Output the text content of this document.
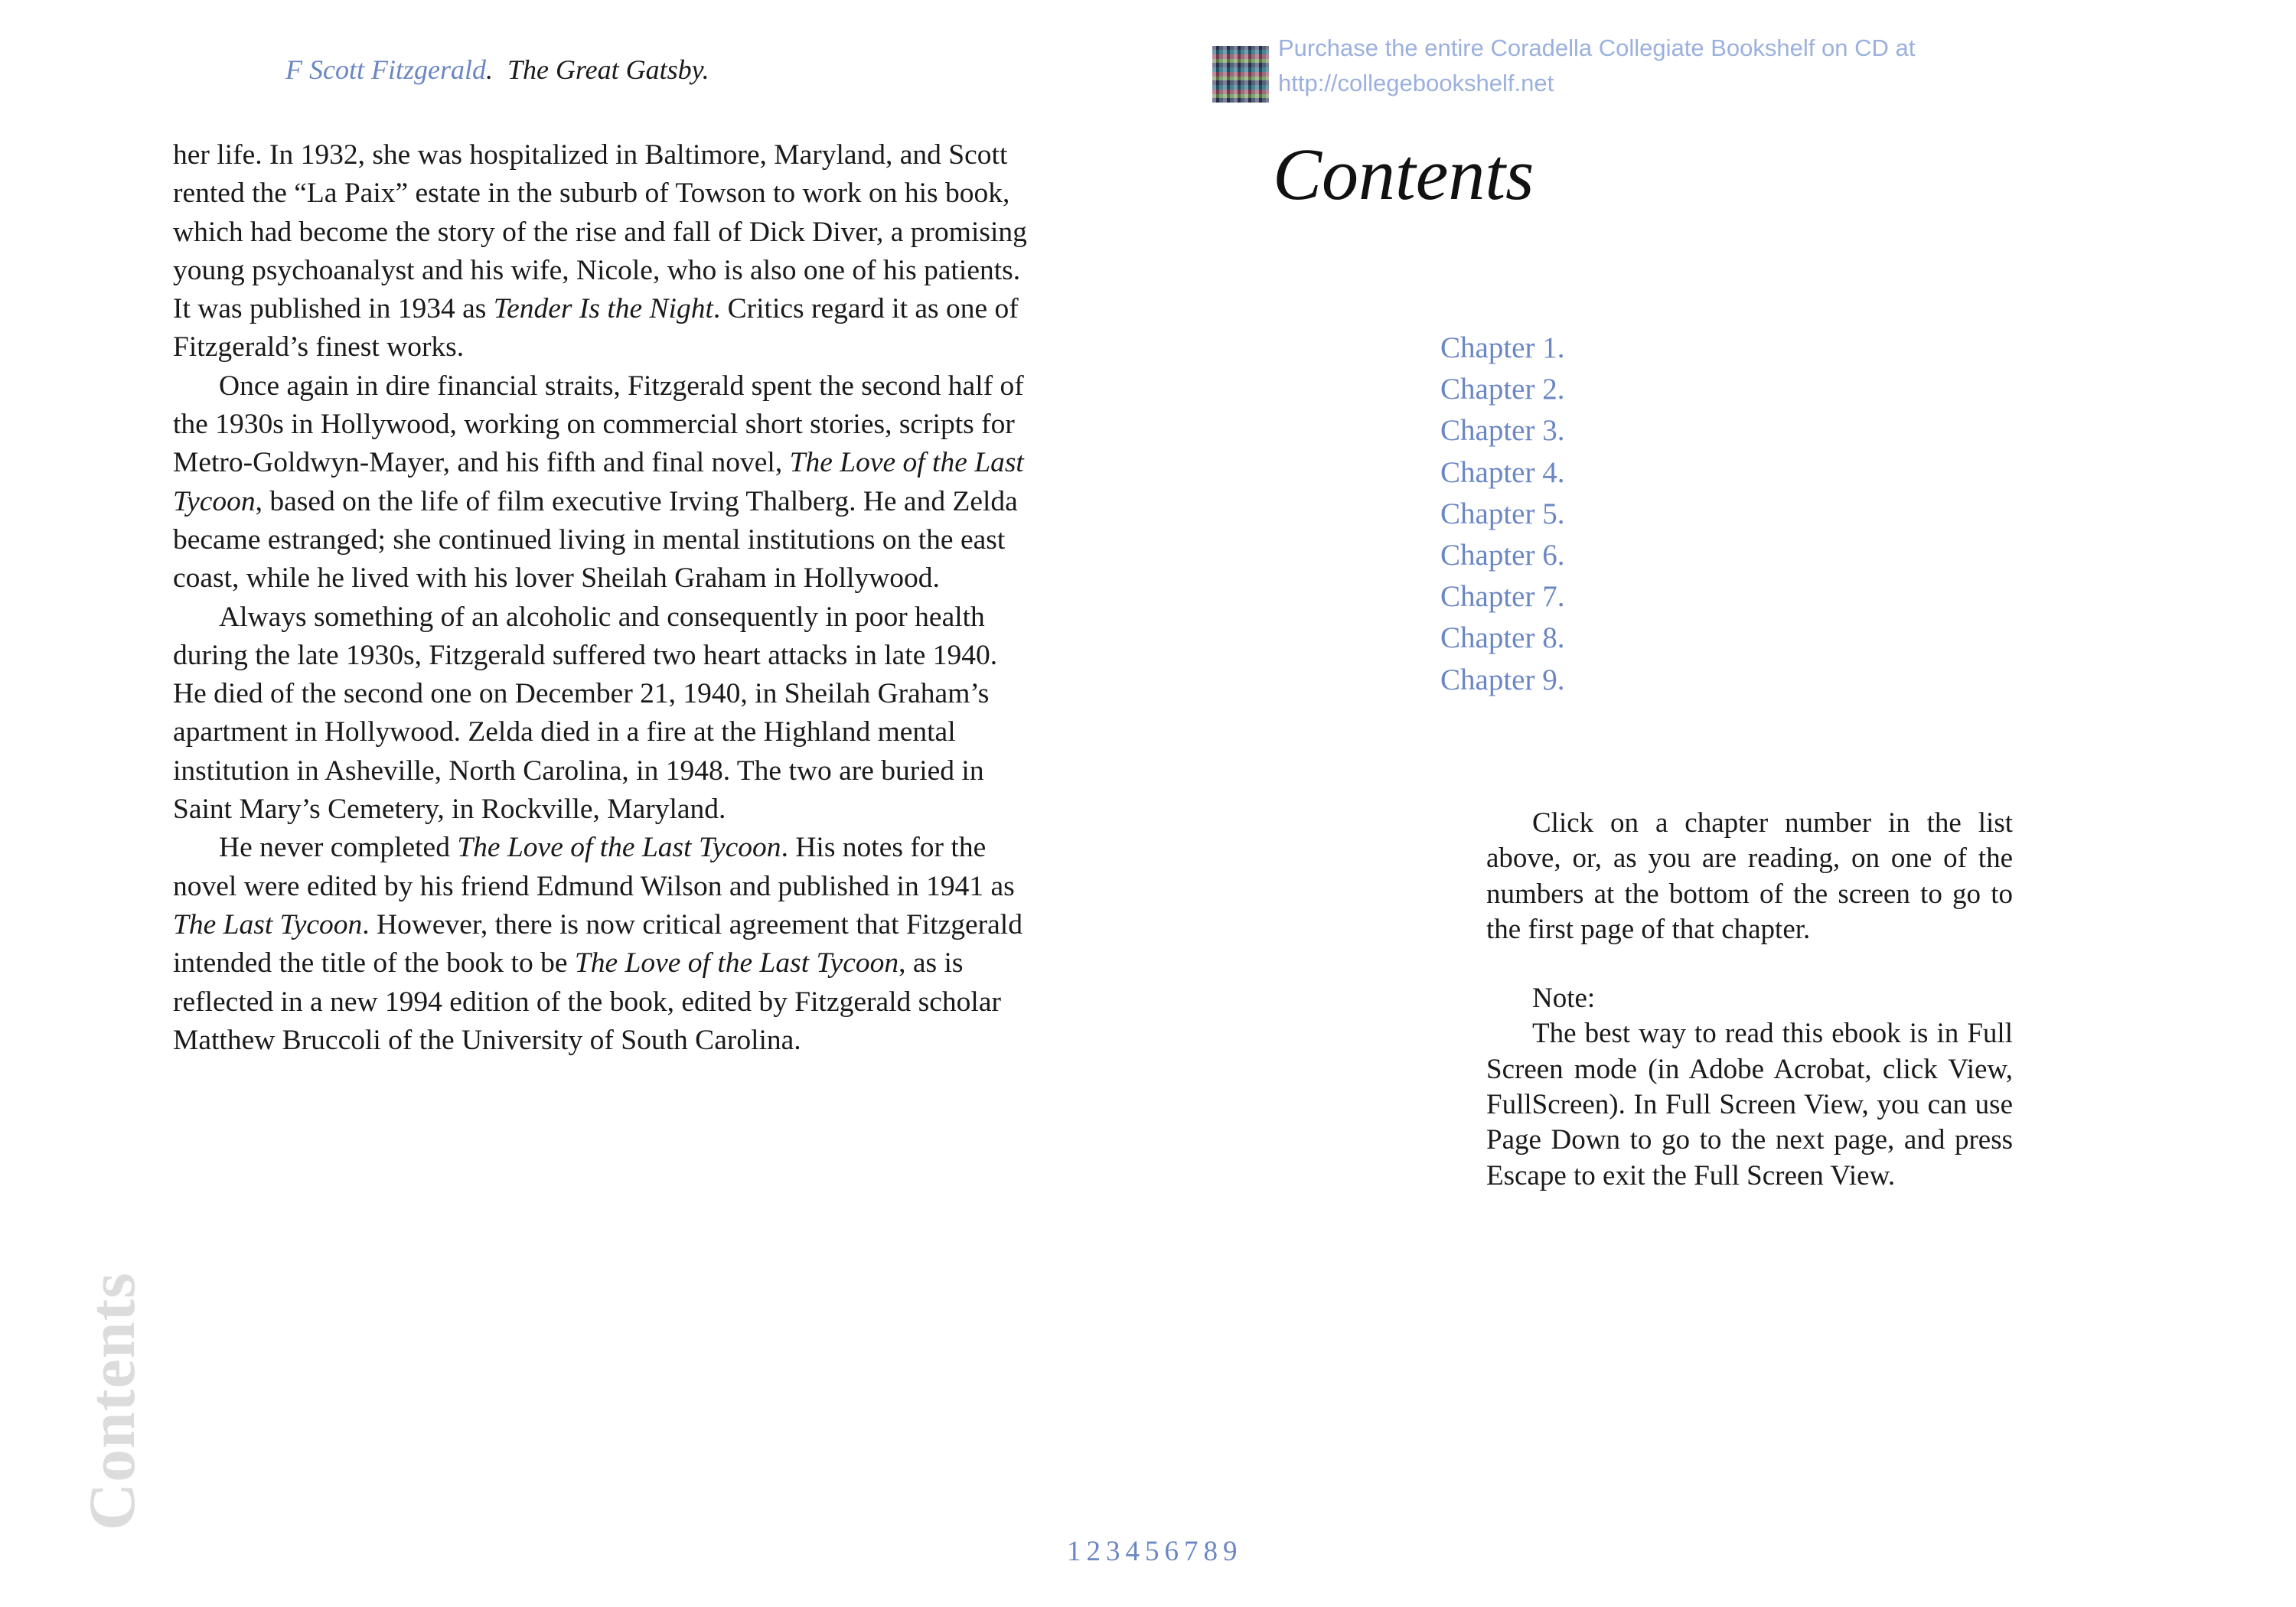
F Scott Fitzgerald. The Great Gatsby.

her life. In 1932, she was hospitalized in Baltimore, Maryland, and Scott rented the “La Paix” estate in the suburb of Towson to work on his book, which had become the story of the rise and fall of Dick Diver, a promising young psychoanalyst and his wife, Nicole, who is also one of his patients. It was published in 1934 as Tender Is the Night. Critics regard it as one of Fitzgerald’s finest works.

Once again in dire financial straits, Fitzgerald spent the second half of the 1930s in Hollywood, working on commercial short stories, scripts for Metro-Goldwyn-Mayer, and his fifth and final novel, The Love of the Last Tycoon, based on the life of film executive Irving Thalberg. He and Zelda became estranged; she continued living in mental institutions on the east coast, while he lived with his lover Sheilah Graham in Hollywood.

Always something of an alcoholic and consequently in poor health during the late 1930s, Fitzgerald suffered two heart attacks in late 1940. He died of the second one on December 21, 1940, in Sheilah Graham’s apartment in Hollywood. Zelda died in a fire at the Highland mental institution in Asheville, North Carolina, in 1948. The two are buried in Saint Mary’s Cemetery, in Rockville, Maryland.

He never completed The Love of the Last Tycoon. His notes for the novel were edited by his friend Edmund Wilson and published in 1941 as The Last Tycoon. However, there is now critical agreement that Fitzgerald intended the title of the book to be The Love of the Last Tycoon, as is reflected in a new 1994 edition of the book, edited by Fitzgerald scholar Matthew Bruccoli of the University of South Carolina.

Purchase the entire Coradella Collegiate Bookshelf on CD at
http://collegebookshelf.net
Contents
Chapter 1.
Chapter 2.
Chapter 3.
Chapter 4.
Chapter 5.
Chapter 6.
Chapter 7.
Chapter 8.
Chapter 9.

Click on a chapter number in the list above, or, as you are reading, on one of the numbers at the bottom of the screen to go to the first page of that chapter.

Note:

The best way to read this ebook is in Full Screen mode (in Adobe Acrobat, click View, FullScreen). In Full Screen View, you can use Page Down to go to the next page, and press Escape to exit the Full Screen View.

Contents
1 2 3 4 5 6 7 8 9
